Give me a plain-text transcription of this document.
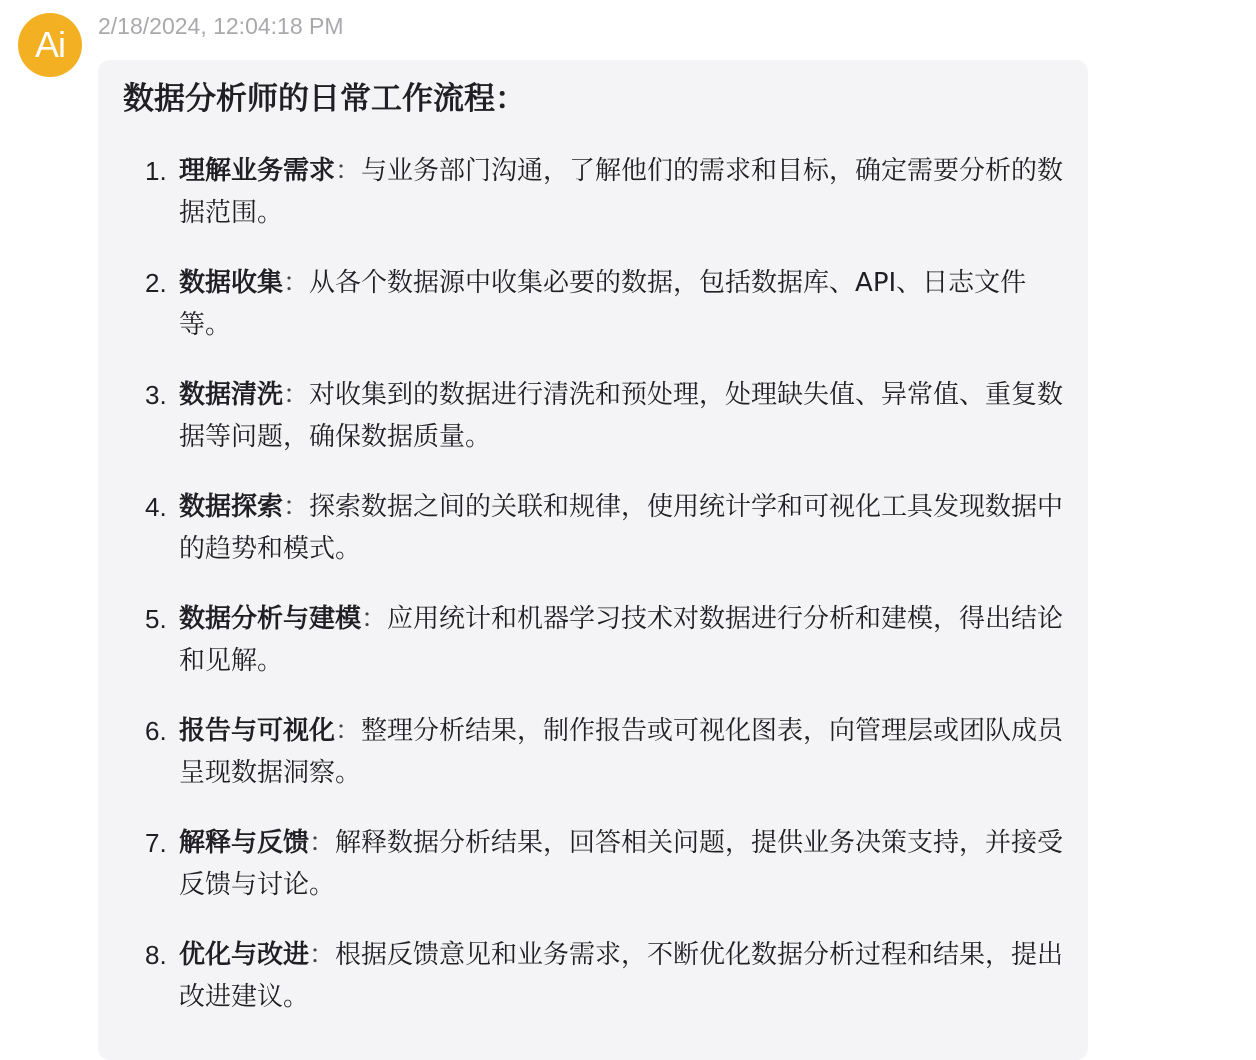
Ai 2/18/2024, 12:04:18 PM
数据分析师的日常工作流程：
1. 理解业务需求：与业务部门沟通，了解他们的需求和目标，确定需要分析的数据范围。
2. 数据收集：从各个数据源中收集必要的数据，包括数据库、API、日志文件等。
3. 数据清洗：对收集到的数据进行清洗和预处理，处理缺失值、异常值、重复数据等问题，确保数据质量。
4. 数据探索：探索数据之间的关联和规律，使用统计学和可视化工具发现数据中的趋势和模式。
5. 数据分析与建模：应用统计和机器学习技术对数据进行分析和建模，得出结论和见解。
6. 报告与可视化：整理分析结果，制作报告或可视化图表，向管理层或团队成员呈现数据洞察。
7. 解释与反馈：解释数据分析结果，回答相关问题，提供业务决策支持，并接受反馈与讨论。
8. 优化与改进：根据反馈意见和业务需求，不断优化数据分析过程和结果，提出改进建议。
